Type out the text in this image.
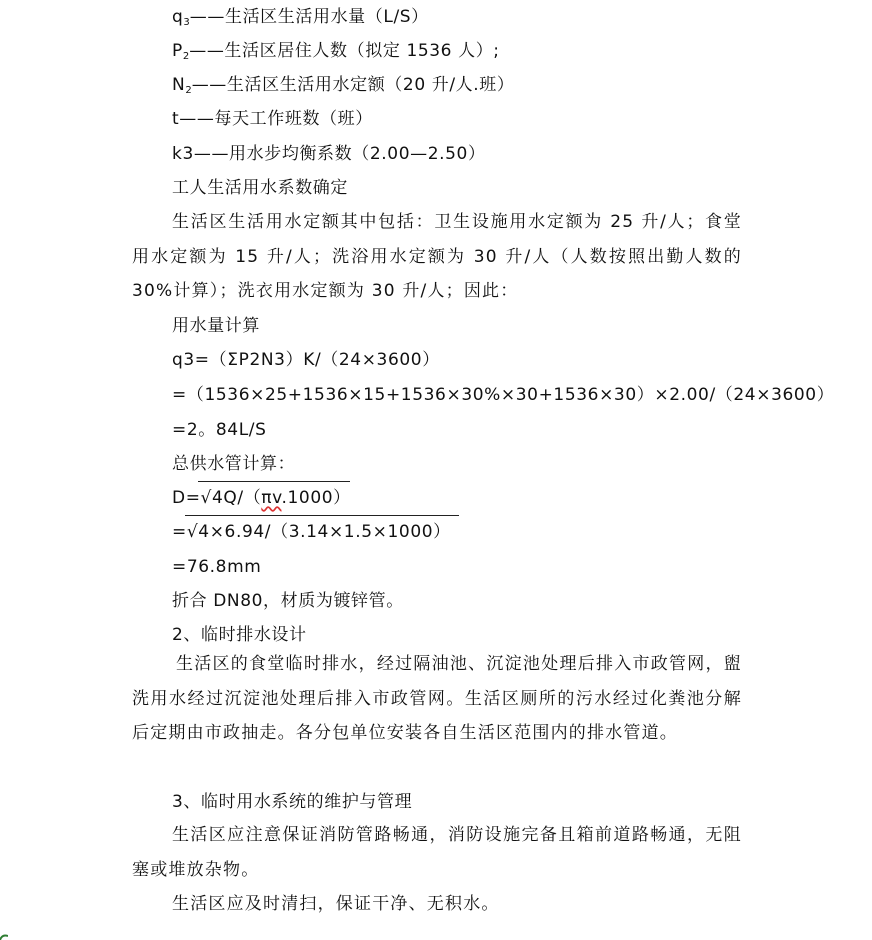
$q_3——$生活区生活用水量（L/S）
$P_2——$生活区居住人数（拟定 1536 人）;
$N_2——$生活区生活用水定额（20 升/人.班）
t——每天工作班数（班）
k3——用水步均衡系数（2.00—2.50）
工人生活用水系数确定

生活区生活用水定额其中包括：卫生设施用水定额为 25 升/人；食堂用水定额为 15 升/人；洗浴用水定额为 30 升/人（人数按照出勤人数的 30%计算）；洗衣用水定额为 30 升/人；因此：

用水量计算
q3=（ΣP2N3）K/（24×3600）
=（1536×25+1536×15+1536×30%×30+1536×30）×2.00/（24×3600）
=2。84L/S
总供水管计算：
D=√4Q/（πv.1000）
=√4×6.94/（3.14×1.5×1000）
=76.8mm
折合 DN80，材质为镀锌管。
2、临时排水设计

生活区的食堂临时排水，经过隔油池、沉淀池处理后排入市政管网，盥洗用水经过沉淀池处理后排入市政管网。生活区厕所的污水经过化粪池分解后定期由市政抽走。各分包单位安装各自生活区范围内的排水管道。

3、临时用水系统的维护与管理

生活区应注意保证消防管路畅通，消防设施完备且箱前道路畅通，无阻塞或堆放杂物。

生活区应及时清扫，保证干净、无积水。
